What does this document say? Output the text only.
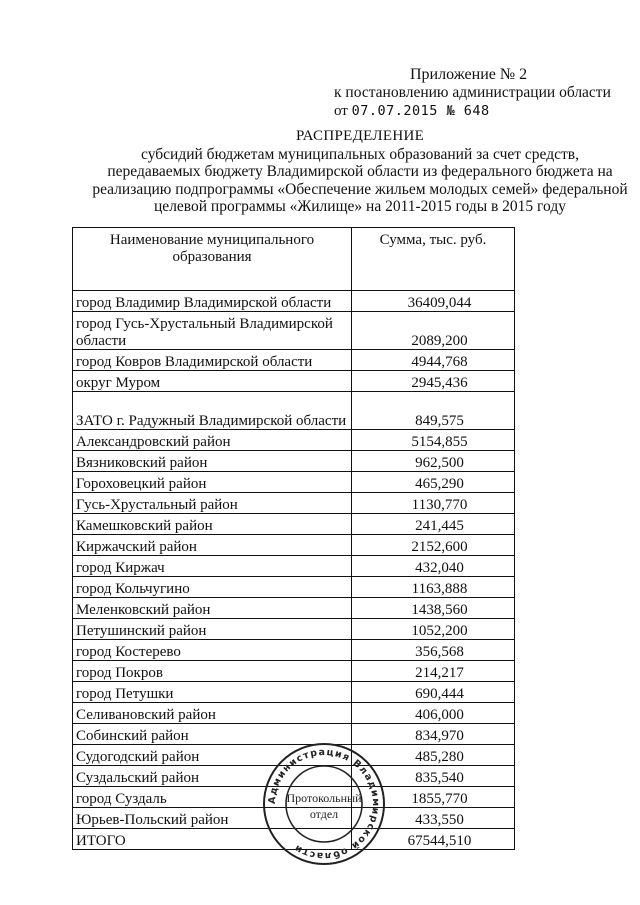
Приложение № 2
к постановлению администрации области
от 07.07.2015 № 648
РАСПРЕДЕЛЕНИЕ
субсидий бюджетам муниципальных образований за счет средств,
передаваемых бюджету Владимирской области из федерального бюджета на
реализацию подпрограммы «Обеспечение жильем молодых семей» федеральной
целевой программы «Жилище» на 2011-2015 годы в 2015 году
Наименование муниципального образования	Сумма, тыс. руб.
город Владимир Владимирской области	36409,044
город Гусь-Хрустальный Владимирской области	2089,200
город Ковров Владимирской области	4944,768
округ Муром	2945,436
ЗАТО г. Радужный Владимирской области	849,575
Александровский район	5154,855
Вязниковский район	962,500
Гороховецкий район	465,290
Гусь-Хрустальный район	1130,770
Камешковский район	241,445
Киржачский район	2152,600
город Киржач	432,040
город Кольчугино	1163,888
Меленковский район	1438,560
Петушинский район	1052,200
город Костерево	356,568
город Покров	214,217
город Петушки	690,444
Селивановский район	406,000
Собинский район	834,970
Судогодский район	485,280
Суздальский район	835,540
город Суздаль	1855,770
Юрьев-Польский район	433,550
ИТОГО	67544,510
Администрация Владимирской области
Протокольный
отдел
